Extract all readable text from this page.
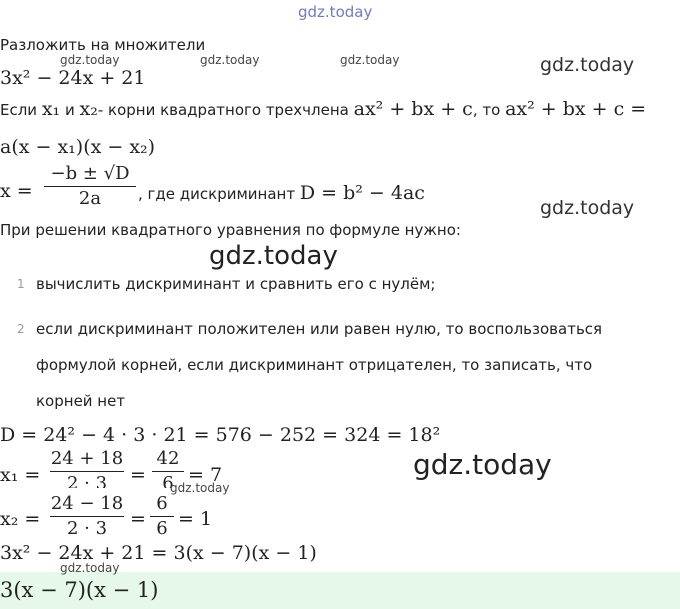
gdz.today
Разложить на множители
gdz.today	gdz.today	gdz.today	gdz.today
3x² − 24x + 21
Если x₁ и x₂- корни квадратного трехчлена ax² + bx + c, то ax² + bx + c =
a(x − x₁)(x − x₂)
x =
−b ± √D
2a	, где дискриминант D = b² − 4ac
gdz.today
При решении квадратного уравнения по формуле нужно:
gdz.today
1 вычислить дискриминант и сравнить его с нулём;
2 если дискриминант положителен или равен нулю, то воспользоваться
формулой корней, если дискриминант отрицателен, то записать, что
корней нет
D = 24² − 4 · 3 · 21 = 576 − 252 = 324 = 18²
gdz.today
x₁ =
24 + 18
2 · 3	=
42
6 = 7
gdz.today
x₂ =
24 − 18
2 · 3	=
6
6 = 1
3x² − 24x + 21 = 3(x − 7)(x − 1)
gdz.today
3(x − 7)(x − 1)
